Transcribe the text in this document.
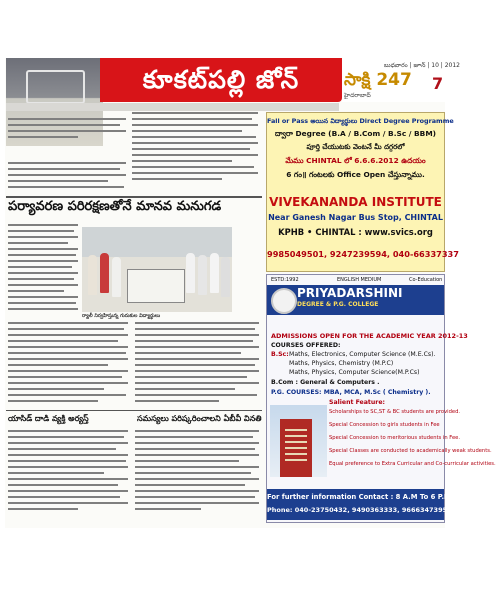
కూకట్‌పల్లి జోన్	బుధవారం | జూన్ | 10 | 2012
సాక్షి 247 7
హైదరాబాద్
పర్యావరణ పరిరక్షణతోనే మానవ మనుగడ
ర్యాలీ నిర్వహిస్తున్న గురుకుల విద్యార్థులు
యాసిడ్ దాడి వ్యక్తి అర్యస్త్	సమస్యలు పరిష్కరించాలని ఏబీవీ వినతి
Fall or Pass అయిన విద్యార్థులు Direct Degree Programme
ద్వారా Degree (B.A / B.Com / B.Sc / BBM)
పూర్తి చేయుటకు వెంటనే మీ దగ్గరలో
మేము CHINTAL లో 6.6.6.2012 ఉదయం
6 గం॥ గంటలకు Office Open చేస్తున్నాము.
VIVEKANANDA INSTITUTE
Near Ganesh Nagar Bus Stop, CHINTAL
KPHB • CHINTAL : www.svics.org
9985049501, 9247239594, 040-66337337
ESTD:1992	ENGLISH MEDIUM	Co-Education
PRIYADARSHINI
DEGREE & P.G. COLLEGE
ADMISSIONS OPEN FOR THE ACADEMIC YEAR 2012-13
COURSES OFFERED:
B.Sc: Maths, Electronics, Computer Science (M.E.Cs).
Maths, Physics, Chemistry (M.P.C)
Maths, Physics, Computer Science(M.P.Cs)
B.Com : General & Computers .
P.G. COURSES: MBA, MCA, M.Sc ( Chemistry ).
Salient Feature:
Scholarships to SC,ST & BC students are provided.
Special Concession to girls students in Fee
Special Concession to meritorious students in Fee.
Special Classes are conducted to academically weak students.
Equal preference to Extra Curricular and Co-curricular activities.
For further information Contact : 8 A.M To 6 P.M
Phone: 040-23750432, 9490363333, 9666347395
